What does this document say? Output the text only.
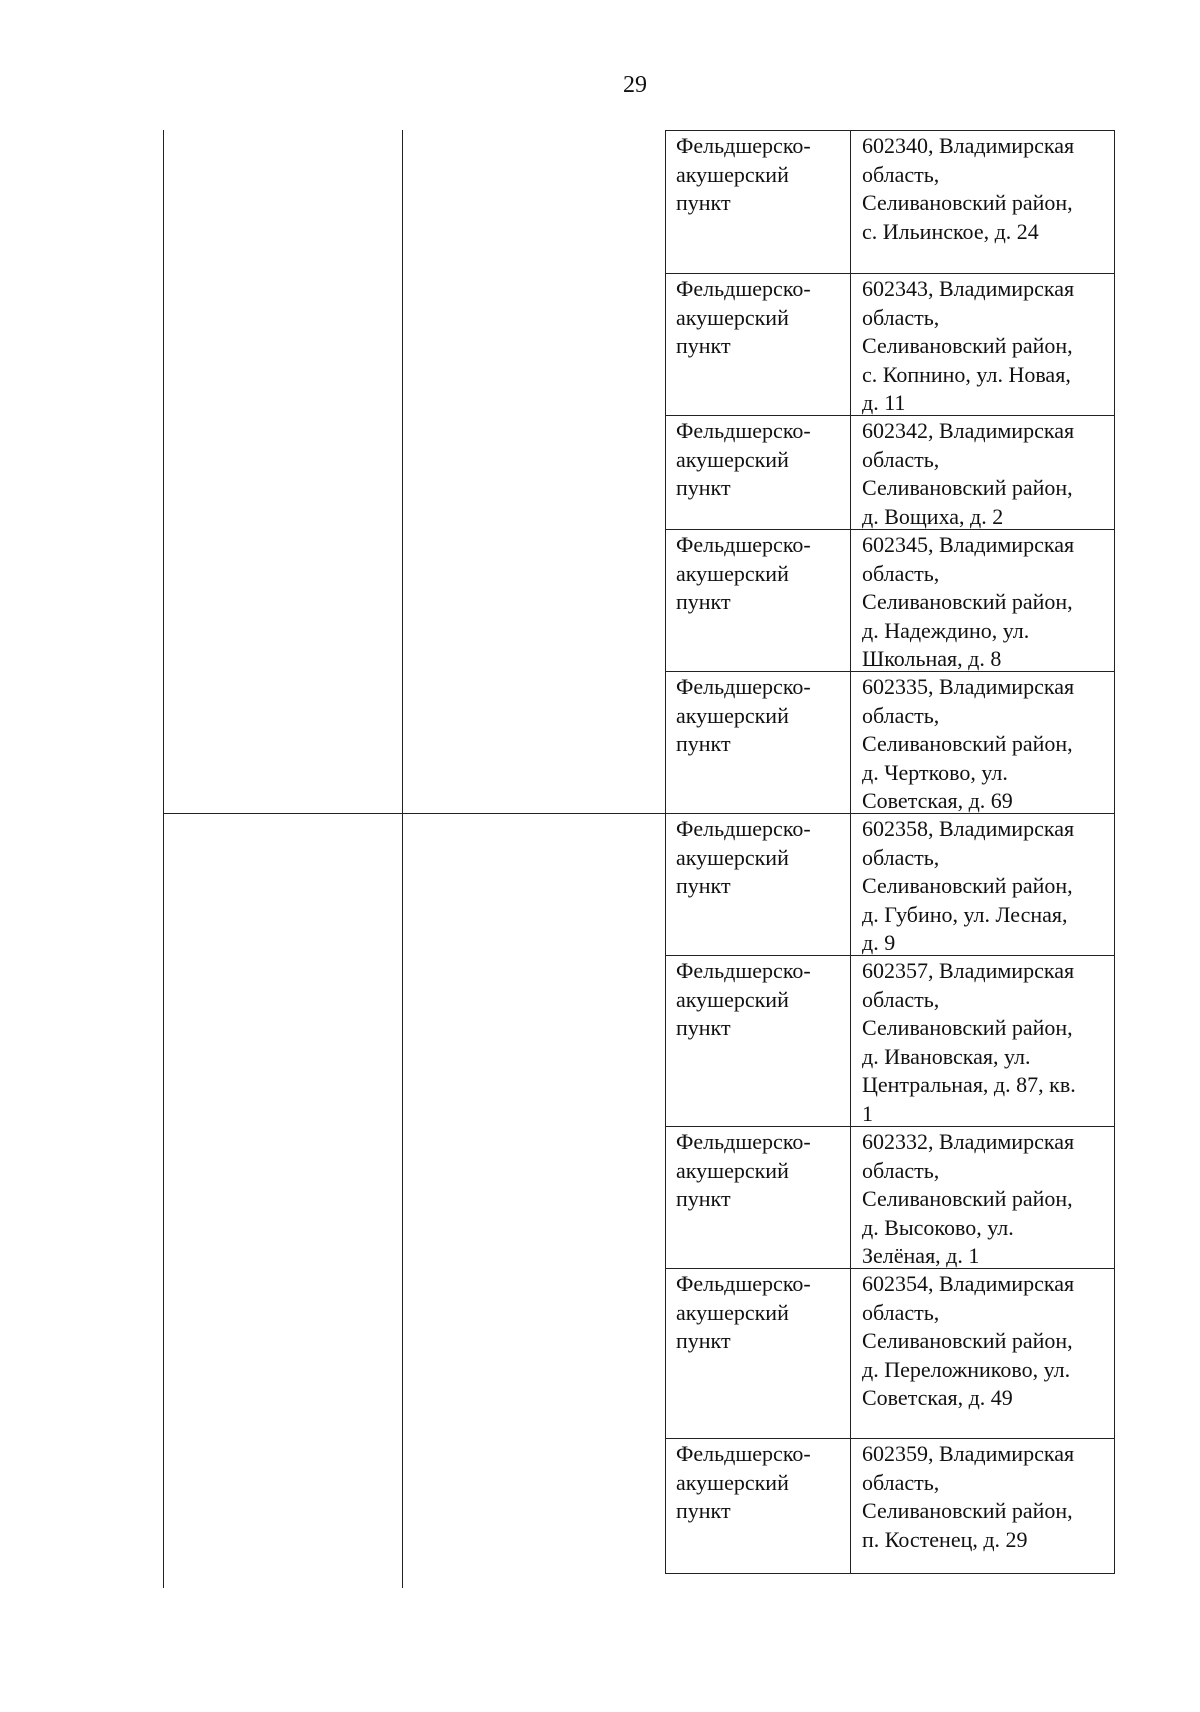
29
Фельдшерско-
акушерский
пункт
602340, Владимирская
область,
Селивановский район,
с. Ильинское, д. 24
Фельдшерско-
акушерский
пункт
602343, Владимирская
область,
Селивановский район,
с. Копнино, ул. Новая,
д. 11
Фельдшерско-
акушерский
пункт
602342, Владимирская
область,
Селивановский район,
д. Вощиха, д. 2
Фельдшерско-
акушерский
пункт
602345, Владимирская
область,
Селивановский район,
д. Надеждино, ул.
Школьная, д. 8
Фельдшерско-
акушерский
пункт
602335, Владимирская
область,
Селивановский район,
д. Чертково, ул.
Советская, д. 69
Фельдшерско-
акушерский
пункт
602358, Владимирская
область,
Селивановский район,
д. Губино, ул. Лесная,
д. 9
Фельдшерско-
акушерский
пункт
602357, Владимирская
область,
Селивановский район,
д. Ивановская, ул.
Центральная, д. 87, кв.
1
Фельдшерско-
акушерский
пункт
602332, Владимирская
область,
Селивановский район,
д. Высоково, ул.
Зелёная, д. 1
Фельдшерско-
акушерский
пункт
602354, Владимирская
область,
Селивановский район,
д. Переложниково, ул.
Советская, д. 49
Фельдшерско-
акушерский
пункт
602359, Владимирская
область,
Селивановский район,
п. Костенец, д. 29
